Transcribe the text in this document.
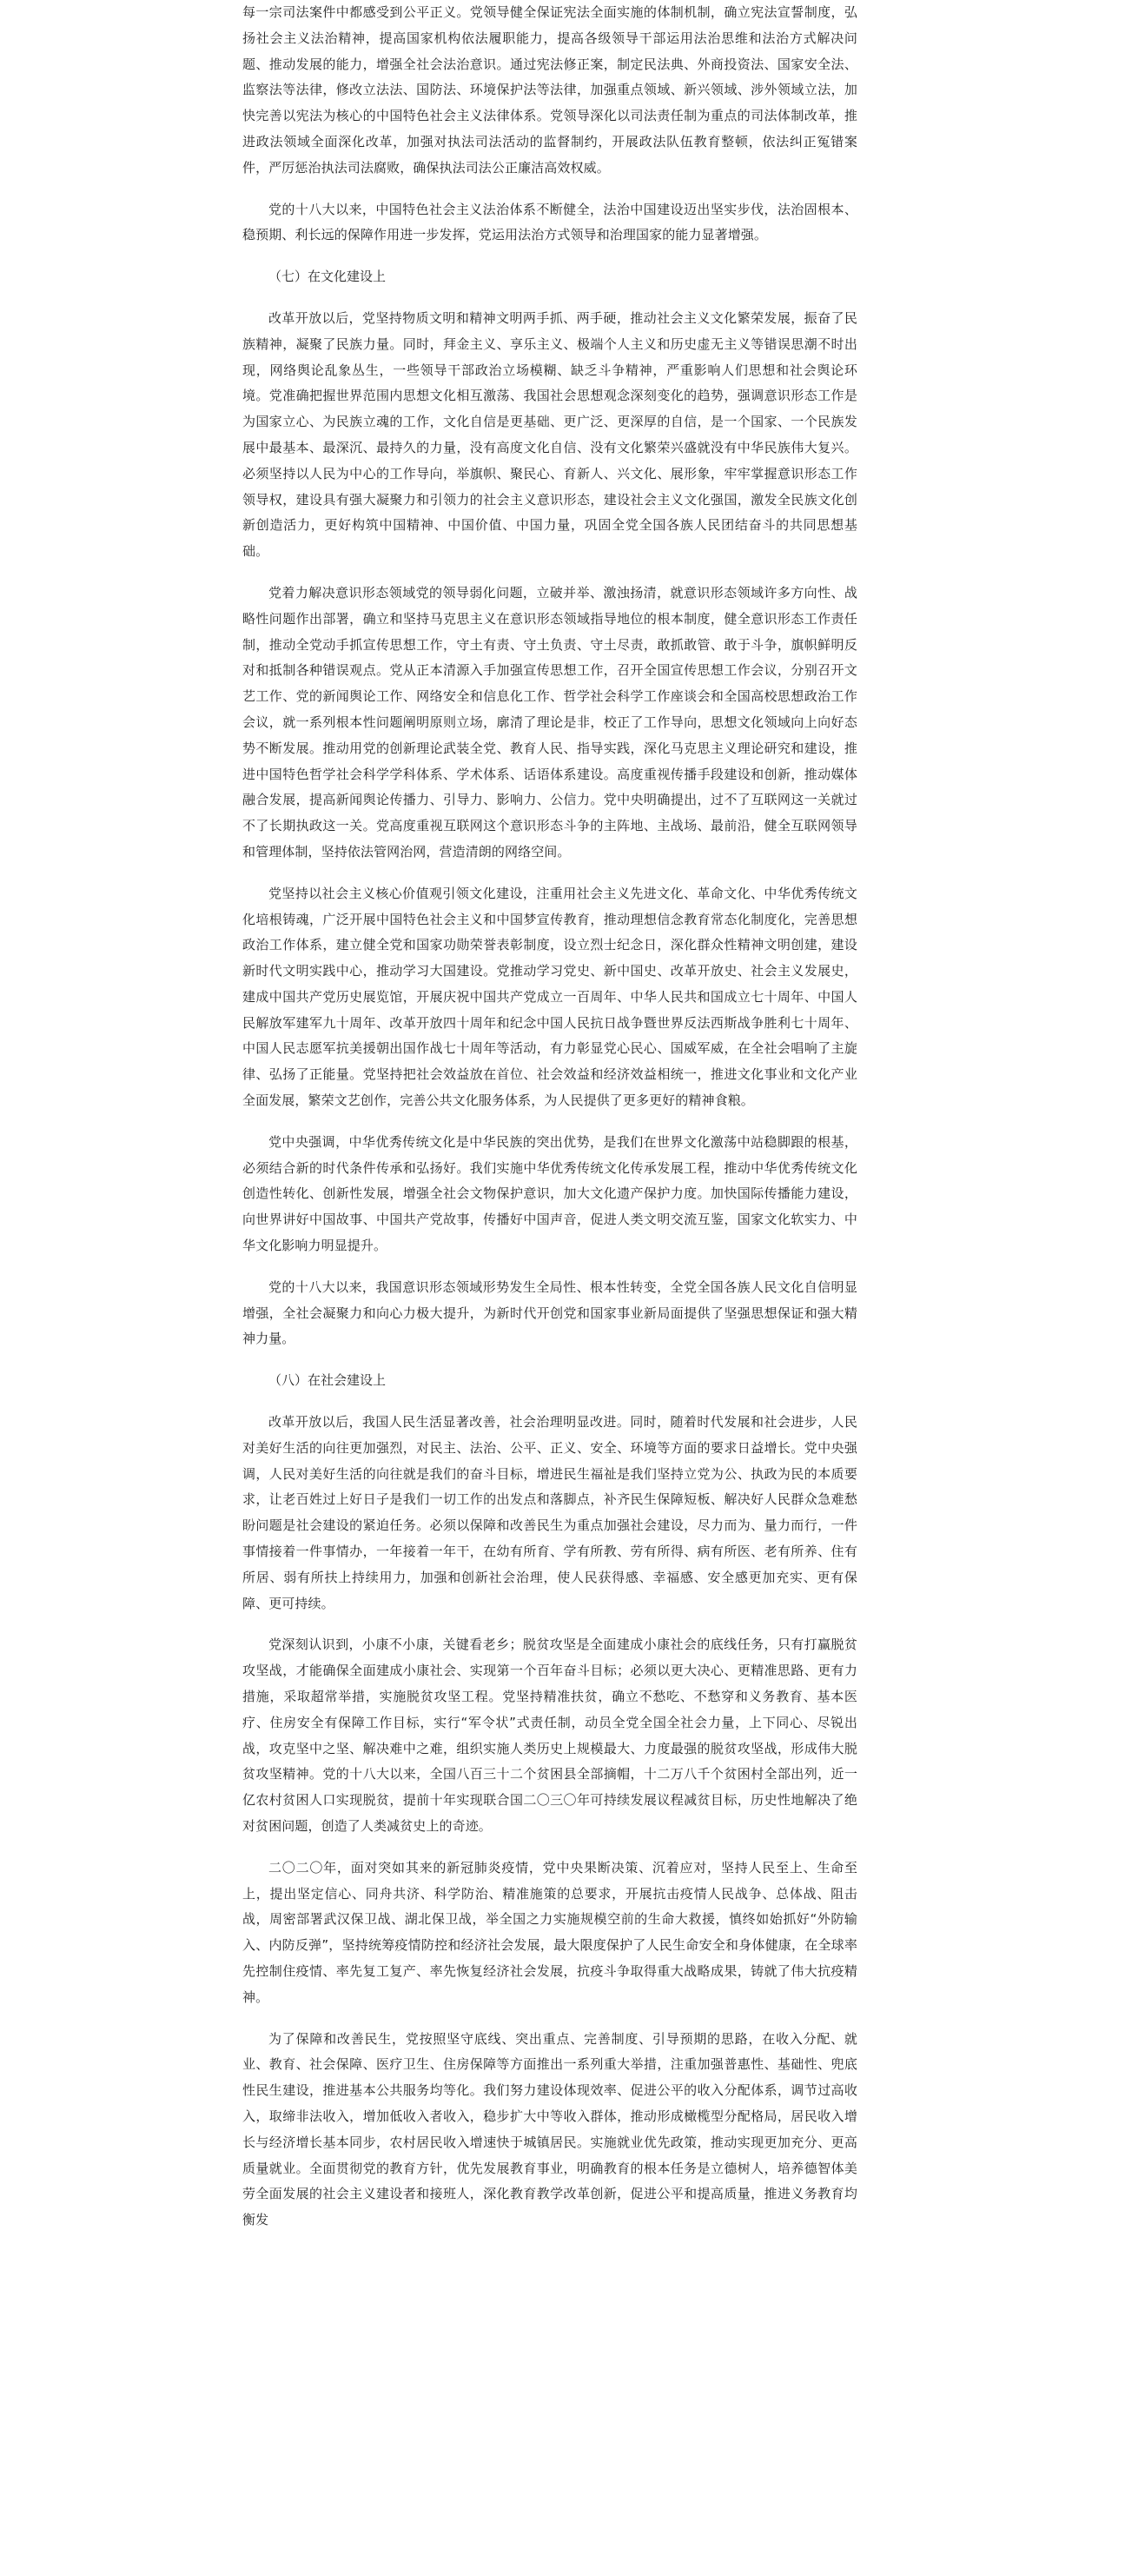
每一宗司法案件中都感受到公平正义。党领导健全保证宪法全面实施的体制机制，确立宪法宣誓制度，弘扬社会主义法治精神，提高国家机构依法履职能力，提高各级领导干部运用法治思维和法治方式解决问题、推动发展的能力，增强全社会法治意识。通过宪法修正案，制定民法典、外商投资法、国家安全法、监察法等法律，修改立法法、国防法、环境保护法等法律，加强重点领域、新兴领域、涉外领域立法，加快完善以宪法为核心的中国特色社会主义法律体系。党领导深化以司法责任制为重点的司法体制改革，推进政法领域全面深化改革，加强对执法司法活动的监督制约，开展政法队伍教育整顿，依法纠正冤错案件，严厉惩治执法司法腐败，确保执法司法公正廉洁高效权威。

党的十八大以来，中国特色社会主义法治体系不断健全，法治中国建设迈出坚实步伐，法治固根本、稳预期、利长远的保障作用进一步发挥，党运用法治方式领导和治理国家的能力显著增强。

（七）在文化建设上

改革开放以后，党坚持物质文明和精神文明两手抓、两手硬，推动社会主义文化繁荣发展，振奋了民族精神，凝聚了民族力量。同时，拜金主义、享乐主义、极端个人主义和历史虚无主义等错误思潮不时出现，网络舆论乱象丛生，一些领导干部政治立场模糊、缺乏斗争精神，严重影响人们思想和社会舆论环境。党准确把握世界范围内思想文化相互激荡、我国社会思想观念深刻变化的趋势，强调意识形态工作是为国家立心、为民族立魂的工作，文化自信是更基础、更广泛、更深厚的自信，是一个国家、一个民族发展中最基本、最深沉、最持久的力量，没有高度文化自信、没有文化繁荣兴盛就没有中华民族伟大复兴。必须坚持以人民为中心的工作导向，举旗帜、聚民心、育新人、兴文化、展形象，牢牢掌握意识形态工作领导权，建设具有强大凝聚力和引领力的社会主义意识形态，建设社会主义文化强国，激发全民族文化创新创造活力，更好构筑中国精神、中国价值、中国力量，巩固全党全国各族人民团结奋斗的共同思想基础。

党着力解决意识形态领域党的领导弱化问题，立破并举、激浊扬清，就意识形态领域许多方向性、战略性问题作出部署，确立和坚持马克思主义在意识形态领域指导地位的根本制度，健全意识形态工作责任制，推动全党动手抓宣传思想工作，守土有责、守土负责、守土尽责，敢抓敢管、敢于斗争，旗帜鲜明反对和抵制各种错误观点。党从正本清源入手加强宣传思想工作，召开全国宣传思想工作会议，分别召开文艺工作、党的新闻舆论工作、网络安全和信息化工作、哲学社会科学工作座谈会和全国高校思想政治工作会议，就一系列根本性问题阐明原则立场，廓清了理论是非，校正了工作导向，思想文化领域向上向好态势不断发展。推动用党的创新理论武装全党、教育人民、指导实践，深化马克思主义理论研究和建设，推进中国特色哲学社会科学学科体系、学术体系、话语体系建设。高度重视传播手段建设和创新，推动媒体融合发展，提高新闻舆论传播力、引导力、影响力、公信力。党中央明确提出，过不了互联网这一关就过不了长期执政这一关。党高度重视互联网这个意识形态斗争的主阵地、主战场、最前沿，健全互联网领导和管理体制，坚持依法管网治网，营造清朗的网络空间。

党坚持以社会主义核心价值观引领文化建设，注重用社会主义先进文化、革命文化、中华优秀传统文化培根铸魂，广泛开展中国特色社会主义和中国梦宣传教育，推动理想信念教育常态化制度化，完善思想政治工作体系，建立健全党和国家功勋荣誉表彰制度，设立烈士纪念日，深化群众性精神文明创建，建设新时代文明实践中心，推动学习大国建设。党推动学习党史、新中国史、改革开放史、社会主义发展史，建成中国共产党历史展览馆，开展庆祝中国共产党成立一百周年、中华人民共和国成立七十周年、中国人民解放军建军九十周年、改革开放四十周年和纪念中国人民抗日战争暨世界反法西斯战争胜利七十周年、中国人民志愿军抗美援朝出国作战七十周年等活动，有力彰显党心民心、国威军威，在全社会唱响了主旋律、弘扬了正能量。党坚持把社会效益放在首位、社会效益和经济效益相统一，推进文化事业和文化产业全面发展，繁荣文艺创作，完善公共文化服务体系，为人民提供了更多更好的精神食粮。

党中央强调，中华优秀传统文化是中华民族的突出优势，是我们在世界文化激荡中站稳脚跟的根基，必须结合新的时代条件传承和弘扬好。我们实施中华优秀传统文化传承发展工程，推动中华优秀传统文化创造性转化、创新性发展，增强全社会文物保护意识，加大文化遗产保护力度。加快国际传播能力建设，向世界讲好中国故事、中国共产党故事，传播好中国声音，促进人类文明交流互鉴，国家文化软实力、中华文化影响力明显提升。

党的十八大以来，我国意识形态领域形势发生全局性、根本性转变，全党全国各族人民文化自信明显增强，全社会凝聚力和向心力极大提升，为新时代开创党和国家事业新局面提供了坚强思想保证和强大精神力量。

（八）在社会建设上

改革开放以后，我国人民生活显著改善，社会治理明显改进。同时，随着时代发展和社会进步，人民对美好生活的向往更加强烈，对民主、法治、公平、正义、安全、环境等方面的要求日益增长。党中央强调，人民对美好生活的向往就是我们的奋斗目标，增进民生福祉是我们坚持立党为公、执政为民的本质要求，让老百姓过上好日子是我们一切工作的出发点和落脚点，补齐民生保障短板、解决好人民群众急难愁盼问题是社会建设的紧迫任务。必须以保障和改善民生为重点加强社会建设，尽力而为、量力而行，一件事情接着一件事情办，一年接着一年干，在幼有所育、学有所教、劳有所得、病有所医、老有所养、住有所居、弱有所扶上持续用力，加强和创新社会治理，使人民获得感、幸福感、安全感更加充实、更有保障、更可持续。

党深刻认识到，小康不小康，关键看老乡；脱贫攻坚是全面建成小康社会的底线任务，只有打赢脱贫攻坚战，才能确保全面建成小康社会、实现第一个百年奋斗目标；必须以更大决心、更精准思路、更有力措施，采取超常举措，实施脱贫攻坚工程。党坚持精准扶贫，确立不愁吃、不愁穿和义务教育、基本医疗、住房安全有保障工作目标，实行“军令状”式责任制，动员全党全国全社会力量，上下同心、尽锐出战，攻克坚中之坚、解决难中之难，组织实施人类历史上规模最大、力度最强的脱贫攻坚战，形成伟大脱贫攻坚精神。党的十八大以来，全国八百三十二个贫困县全部摘帽，十二万八千个贫困村全部出列，近一亿农村贫困人口实现脱贫，提前十年实现联合国二〇三〇年可持续发展议程减贫目标，历史性地解决了绝对贫困问题，创造了人类减贫史上的奇迹。

二〇二〇年，面对突如其来的新冠肺炎疫情，党中央果断决策、沉着应对，坚持人民至上、生命至上，提出坚定信心、同舟共济、科学防治、精准施策的总要求，开展抗击疫情人民战争、总体战、阻击战，周密部署武汉保卫战、湖北保卫战，举全国之力实施规模空前的生命大救援，慎终如始抓好“外防输入、内防反弹”，坚持统筹疫情防控和经济社会发展，最大限度保护了人民生命安全和身体健康，在全球率先控制住疫情、率先复工复产、率先恢复经济社会发展，抗疫斗争取得重大战略成果，铸就了伟大抗疫精神。

为了保障和改善民生，党按照坚守底线、突出重点、完善制度、引导预期的思路，在收入分配、就业、教育、社会保障、医疗卫生、住房保障等方面推出一系列重大举措，注重加强普惠性、基础性、兜底性民生建设，推进基本公共服务均等化。我们努力建设体现效率、促进公平的收入分配体系，调节过高收入，取缔非法收入，增加低收入者收入，稳步扩大中等收入群体，推动形成橄榄型分配格局，居民收入增长与经济增长基本同步，农村居民收入增速快于城镇居民。实施就业优先政策，推动实现更加充分、更高质量就业。全面贯彻党的教育方针，优先发展教育事业，明确教育的根本任务是立德树人，培养德智体美劳全面发展的社会主义建设者和接班人，深化教育教学改革创新，促进公平和提高质量，推进义务教育均衡发
